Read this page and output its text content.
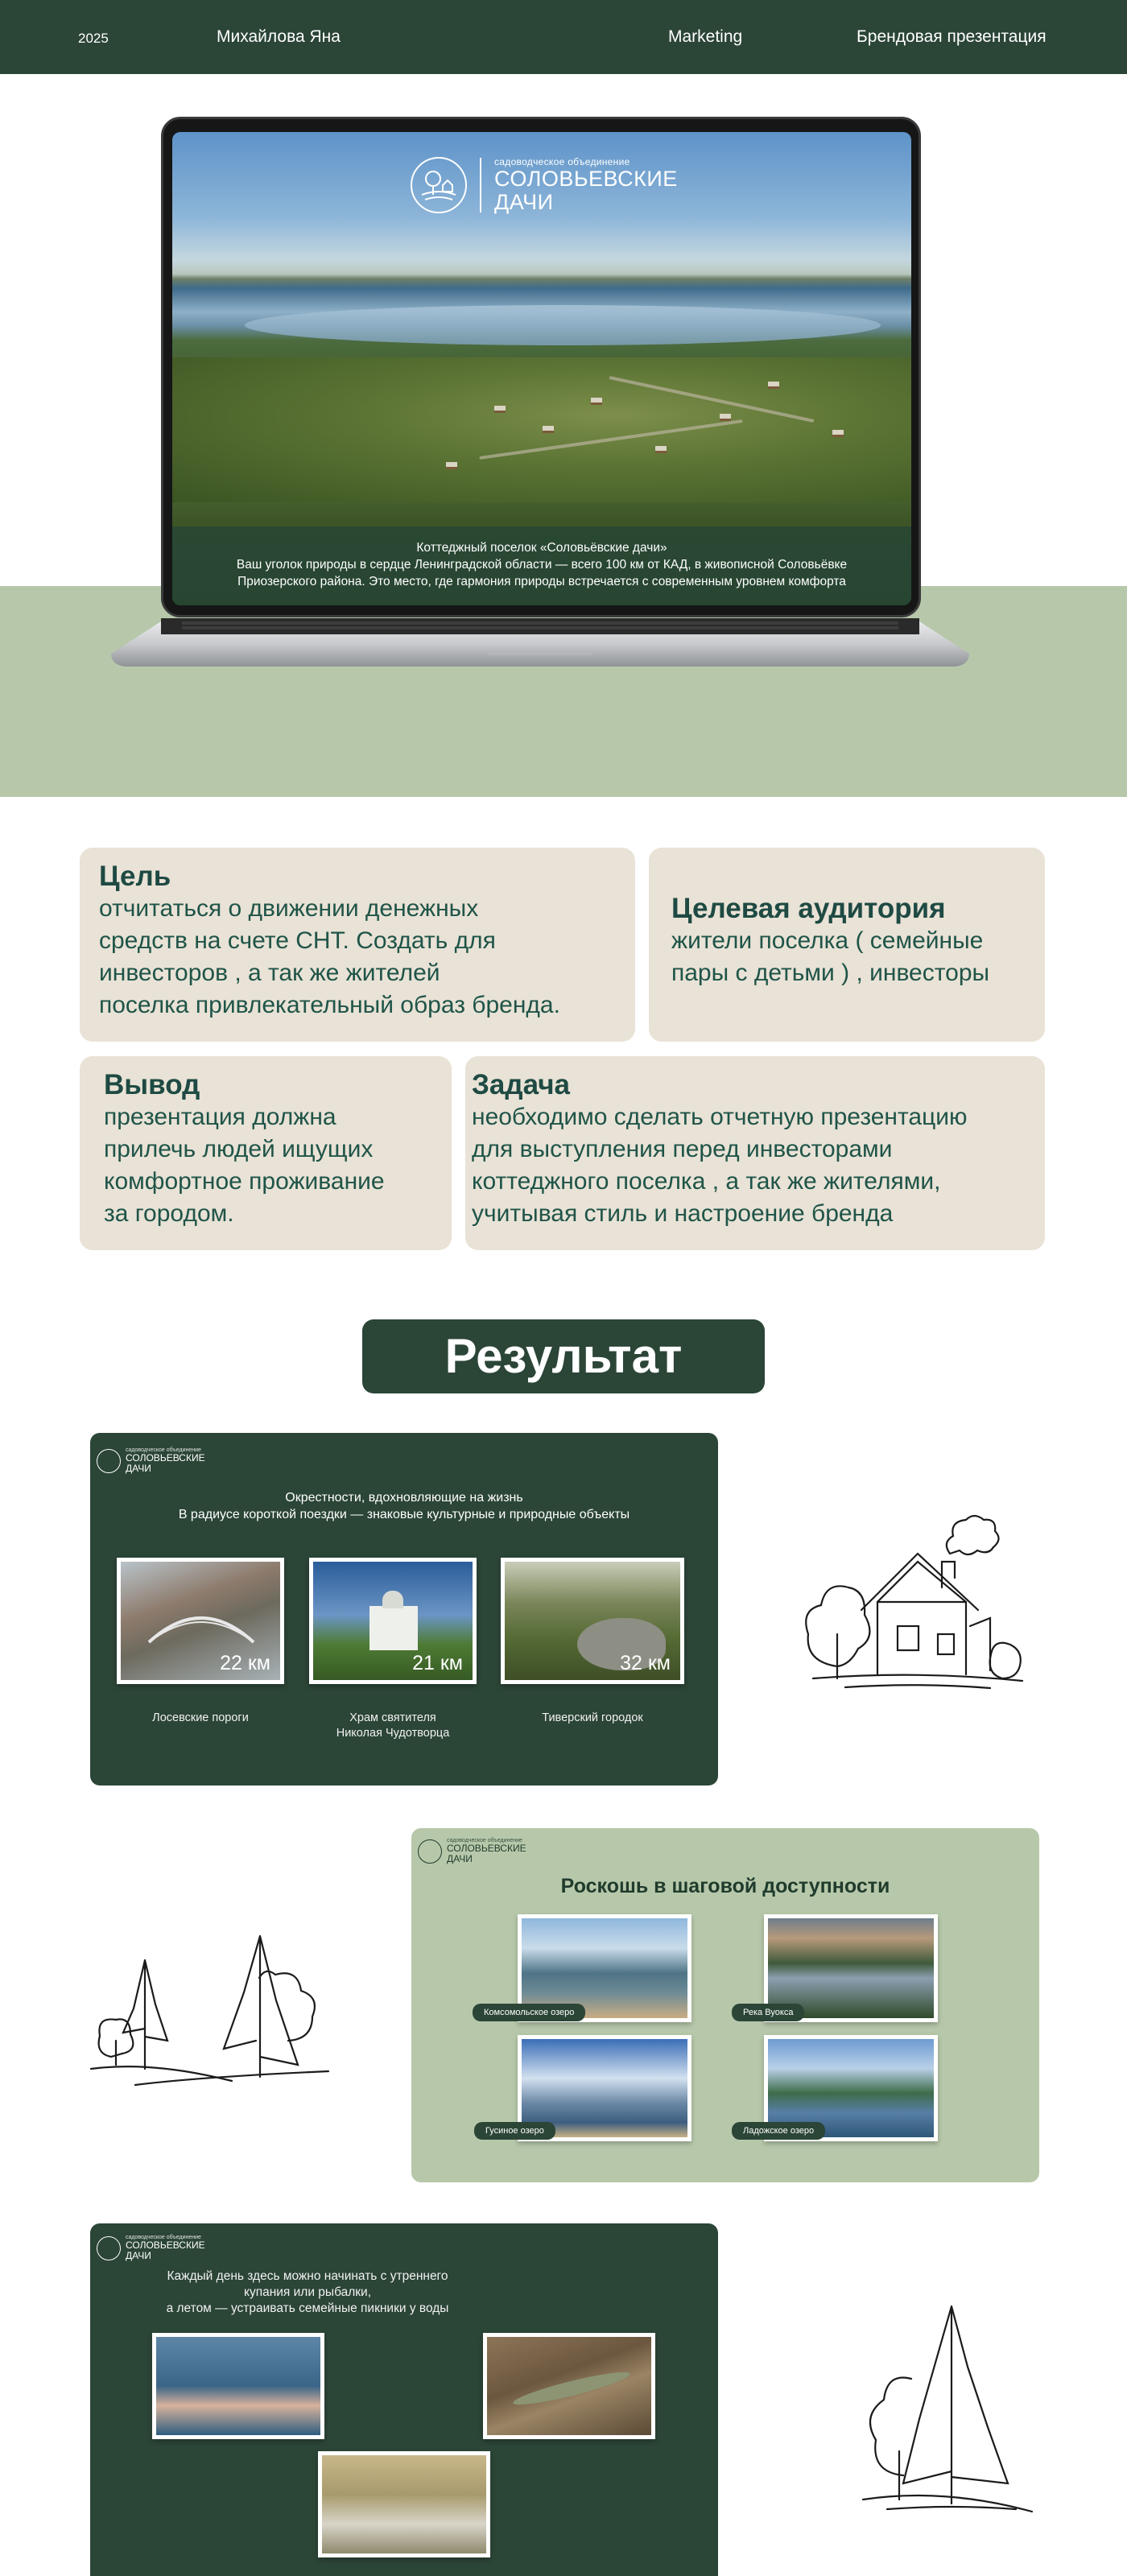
2025	Михайлова Яна	Marketing	Брендовая презентация
садоводческое объединение
СОЛОВЬЕВСКИЕ
ДАЧИ
Коттеджный поселок «Соловьёвские дачи»
Ваш уголок природы в сердце Ленинградской области — всего 100 км от КАД, в живописной Соловьёвке
Приозерского района. Это место, где гармония природы встречается с современным уровнем комфорта
Цель

отчитаться о движении денежных

средств на счете СНТ. Создать для

инвесторов , а так же жителей

поселка привлекательный образ бренда.

Целевая аудитория

жители поселка ( семейные

пары с детьми ) , инвесторы

Вывод

презентация должна

прилечь людей ищущих

комфортное проживание

за городом.

Задача

необходимо сделать отчетную презентацию

для выступления перед инвесторами

коттеджного поселка , а так же жителями,

учитывая стиль и настроение бренда

Результат
садоводческое объединение
СОЛОВЬЕВСКИЕ
ДАЧИ
Окрестности, вдохновляющие на жизнь
В радиусе короткой поездки — знаковые культурные и природные объекты
22 км	21 км	32 км
Лосевские пороги	Храм святителя
Николая Чудотворца
Тиверский городок
садоводческое объединение
СОЛОВЬЕВСКИЕ
ДАЧИ
Роскошь в шаговой доступности
Комсомольское озеро	Река Вуокса
Гусиное озеро	Ладожское озеро
садоводческое объединение
СОЛОВЬЕВСКИЕ
ДАЧИ
Каждый день здесь можно начинать с утреннего
купания или рыбалки,
а летом — устраивать семейные пикники у воды
